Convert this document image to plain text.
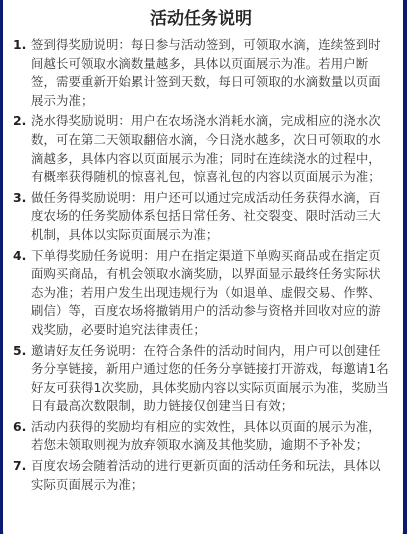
活动任务说明
1. 签到得奖励说明：每日参与活动签到，可领取水滴，连续签到时间越长可领取水滴数量越多，具体以页面展示为准。若用户断签，需要重新开始累计签到天数，每日可领取的水滴数量以页面展示为准；
2. 浇水得奖励说明：用户在农场浇水消耗水滴，完成相应的浇水次数，可在第二天领取翻倍水滴，今日浇水越多，次日可领取的水滴越多，具体内容以页面展示为准；同时在连续浇水的过程中，有概率获得随机的惊喜礼包，惊喜礼包的内容以页面展示为准；
3. 做任务得奖励说明：用户还可以通过完成活动任务获得水滴，百度农场的任务奖励体系包括日常任务、社交裂变、限时活动三大机制，具体以实际页面展示为准；
4. 下单得奖励任务说明：用户在指定渠道下单购买商品或在指定页面购买商品，有机会领取水滴奖励，以界面显示最终任务实际状态为准；若用户发生出现违规行为（如退单、虚假交易、作弊、刷信）等，百度农场将撤销用户的活动参与资格并回收对应的游戏奖励，必要时追究法律责任；
5. 邀请好友任务说明：在符合条件的活动时间内，用户可以创建任务分享链接，新用户通过您的任务分享链接打开游戏，每邀请1名好友可获得1次奖励，具体奖励内容以实际页面展示为准，奖励当日有最高次数限制，助力链接仅创建当日有效；
6. 活动内获得的奖励均有相应的实效性，具体以页面的展示为准，若您未领取则视为放弃领取水滴及其他奖励，逾期不予补发；
7. 百度农场会随着活动的进行更新页面的活动任务和玩法，具体以实际页面展示为准；
